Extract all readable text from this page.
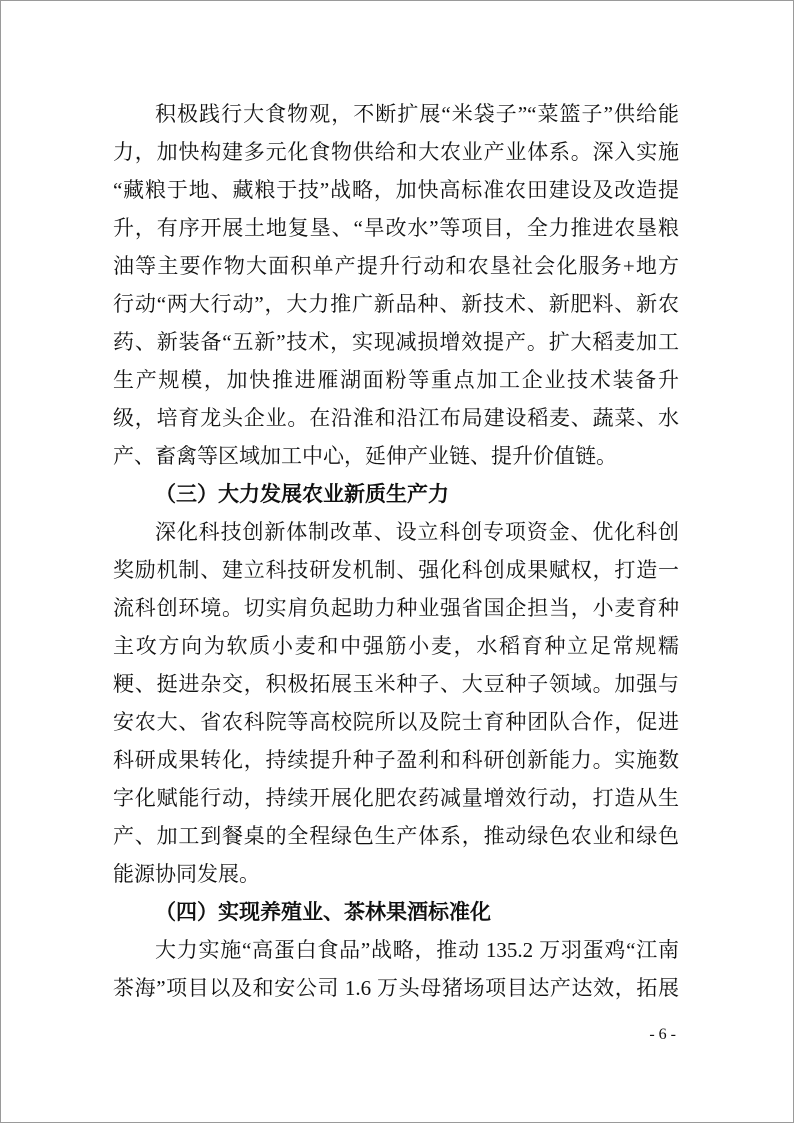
积极践行大食物观，不断扩展“米袋子”“菜篮子”供给能
力，加快构建多元化食物供给和大农业产业体系。深入实施
“藏粮于地、藏粮于技”战略，加快高标准农田建设及改造提
升，有序开展土地复垦、“旱改水”等项目，全力推进农垦粮
油等主要作物大面积单产提升行动和农垦社会化服务+地方
行动“两大行动”，大力推广新品种、新技术、新肥料、新农
药、新装备“五新”技术，实现减损增效提产。扩大稻麦加工
生产规模，加快推进雁湖面粉等重点加工企业技术装备升
级，培育龙头企业。在沿淮和沿江布局建设稻麦、蔬菜、水
产、畜禽等区域加工中心，延伸产业链、提升价值链。
（三）大力发展农业新质生产力
深化科技创新体制改革、设立科创专项资金、优化科创
奖励机制、建立科技研发机制、强化科创成果赋权，打造一
流科创环境。切实肩负起助力种业强省国企担当，小麦育种
主攻方向为软质小麦和中强筋小麦，水稻育种立足常规糯
粳、挺进杂交，积极拓展玉米种子、大豆种子领域。加强与
安农大、省农科院等高校院所以及院士育种团队合作，促进
科研成果转化，持续提升种子盈利和科研创新能力。实施数
字化赋能行动，持续开展化肥农药减量增效行动，打造从生
产、加工到餐桌的全程绿色生产体系，推动绿色农业和绿色
能源协同发展。
（四）实现养殖业、茶林果酒标准化
大力实施“高蛋白食品”战略，推动 135.2 万羽蛋鸡“江南
茶海”项目以及和安公司 1.6 万头母猪场项目达产达效，拓展
- 6 -
